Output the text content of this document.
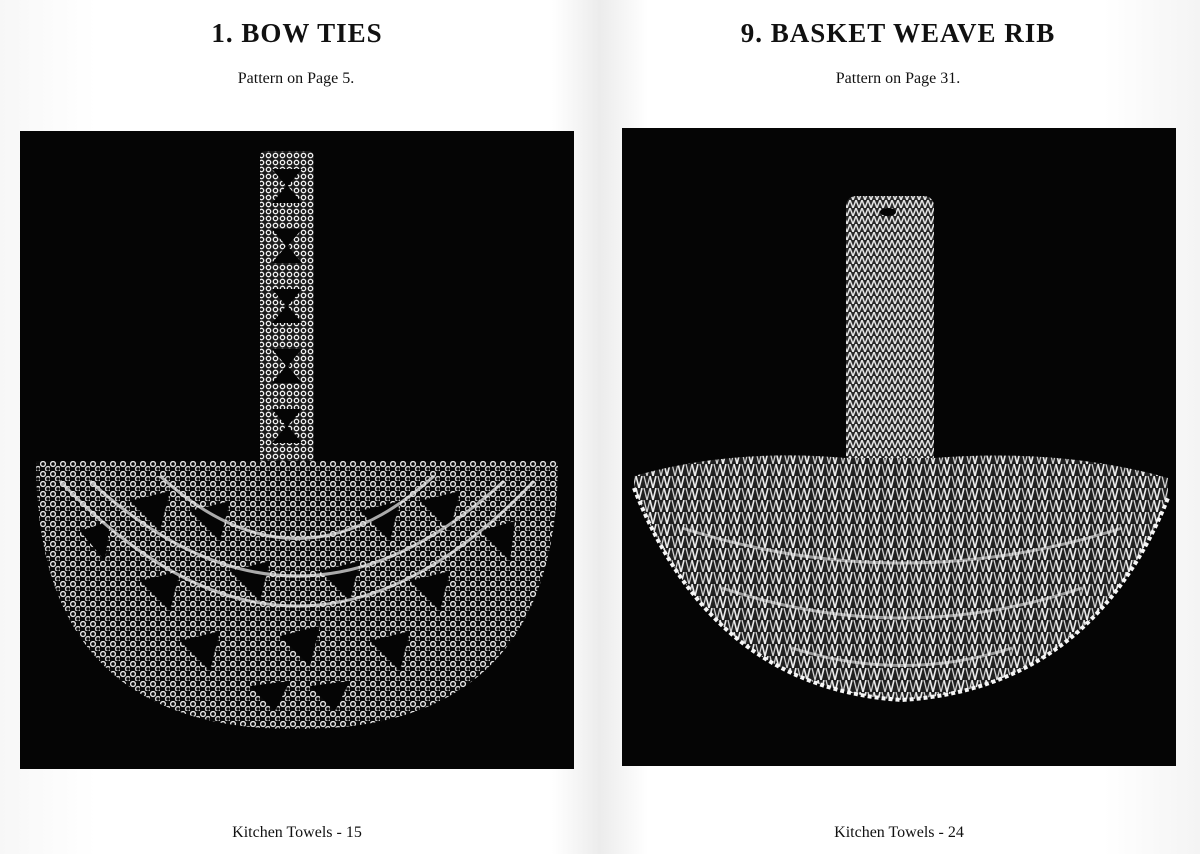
1. BOW TIES
Pattern on Page 5.
Kitchen Towels - 15
9. BASKET WEAVE RIB
Pattern on Page 31.
Kitchen Towels - 24
